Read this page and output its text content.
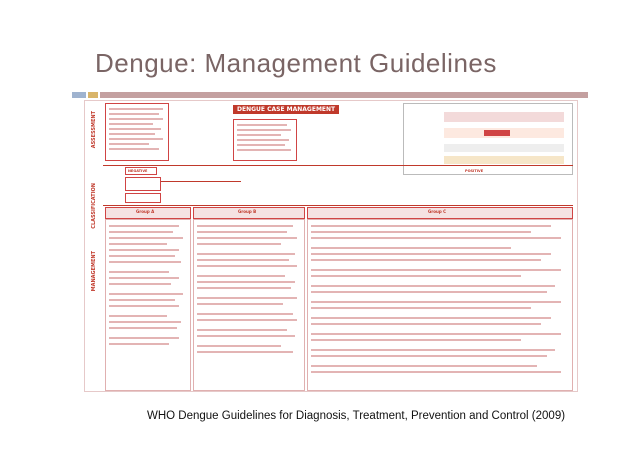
Dengue: Management Guidelines
ASSESSMENT
CLASSIFICATION
MANAGEMENT
DENGUE CASE MANAGEMENT
NEGATIVE	POSITIVE
Group A	Group B	Group C
WHO Dengue Guidelines for Diagnosis, Treatment, Prevention and Control (2009)
